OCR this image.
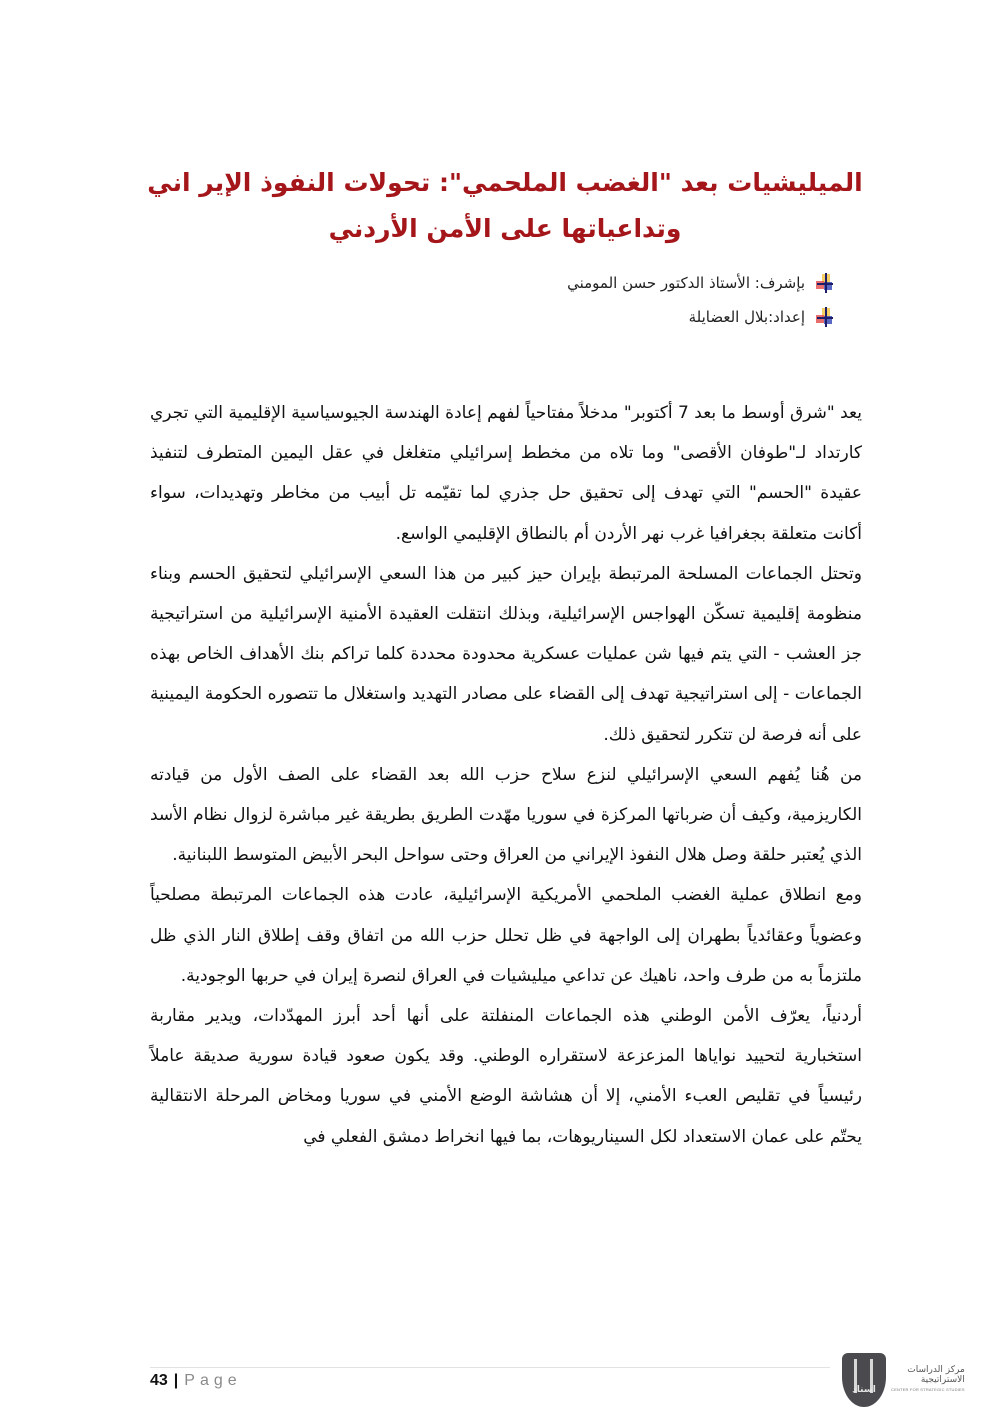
الميليشيات بعد "الغضب الملحمي": تحولات النفوذ الإير اني وتداعياتها على الأمن الأردني
بإشرف: الأستاذ الدكتور حسن المومني
إعداد:بلال العضايلة

يعد "شرق أوسط ما بعد 7 أكتوبر" مدخلاً مفتاحياً لفهم إعادة الهندسة الجيوسياسية الإقليمية التي تجري كارتداد لـ"طوفان الأقصى" وما تلاه من مخطط إسرائيلي متغلغل في عقل اليمين المتطرف لتنفيذ عقيدة "الحسم" التي تهدف إلى تحقيق حل جذري لما تقيّمه تل أبيب من مخاطر وتهديدات، سواء أكانت متعلقة بجغرافيا غرب نهر الأردن أم بالنطاق الإقليمي الواسع.

وتحتل الجماعات المسلحة المرتبطة بإيران حيز كبير من هذا السعي الإسرائيلي لتحقيق الحسم وبناء منظومة إقليمية تسكّن الهواجس الإسرائيلية، وبذلك انتقلت العقيدة الأمنية الإسرائيلية من استراتيجية جز العشب - التي يتم فيها شن عمليات عسكرية محدودة محددة كلما تراكم بنك الأهداف الخاص بهذه الجماعات - إلى استراتيجية تهدف إلى القضاء على مصادر التهديد واستغلال ما تتصوره الحكومة اليمينية على أنه فرصة لن تتكرر لتحقيق ذلك.

من هُنا يُفهم السعي الإسرائيلي لنزع سلاح حزب الله بعد القضاء على الصف الأول من قيادته الكاريزمية، وكيف أن ضرباتها المركزة في سوريا مهّدت الطريق بطريقة غير مباشرة لزوال نظام الأسد الذي يُعتبر حلقة وصل هلال النفوذ الإيراني من العراق وحتى سواحل البحر الأبيض المتوسط اللبنانية.

ومع انطلاق عملية الغضب الملحمي الأمريكية الإسرائيلية، عادت هذه الجماعات المرتبطة مصلحياً وعضوياً وعقائدياً بطهران إلى الواجهة في ظل تحلل حزب الله من اتفاق وقف إطلاق النار الذي ظل ملتزماً به من طرف واحد، ناهيك عن تداعي ميليشيات في العراق لنصرة إيران في حربها الوجودية.

أردنياً، يعرّف الأمن الوطني هذه الجماعات المنفلتة على أنها أحد أبرز المهدّدات، ويدير مقاربة استخبارية لتحييد نواياها المزعزعة لاستقراره الوطني. وقد يكون صعود قيادة سورية صديقة عاملاً رئيسياً في تقليص العبء الأمني، إلا أن هشاشة الوضع الأمني في سوريا ومخاض المرحلة الانتقالية يحتّم على عمان الاستعداد لكل السيناريوهات، بما فيها انخراط دمشق الفعلي في

43 | Page
اسناد
مركز الدراسات
الاستراتيجية
CENTER FOR STRATEGIC STUDIES
